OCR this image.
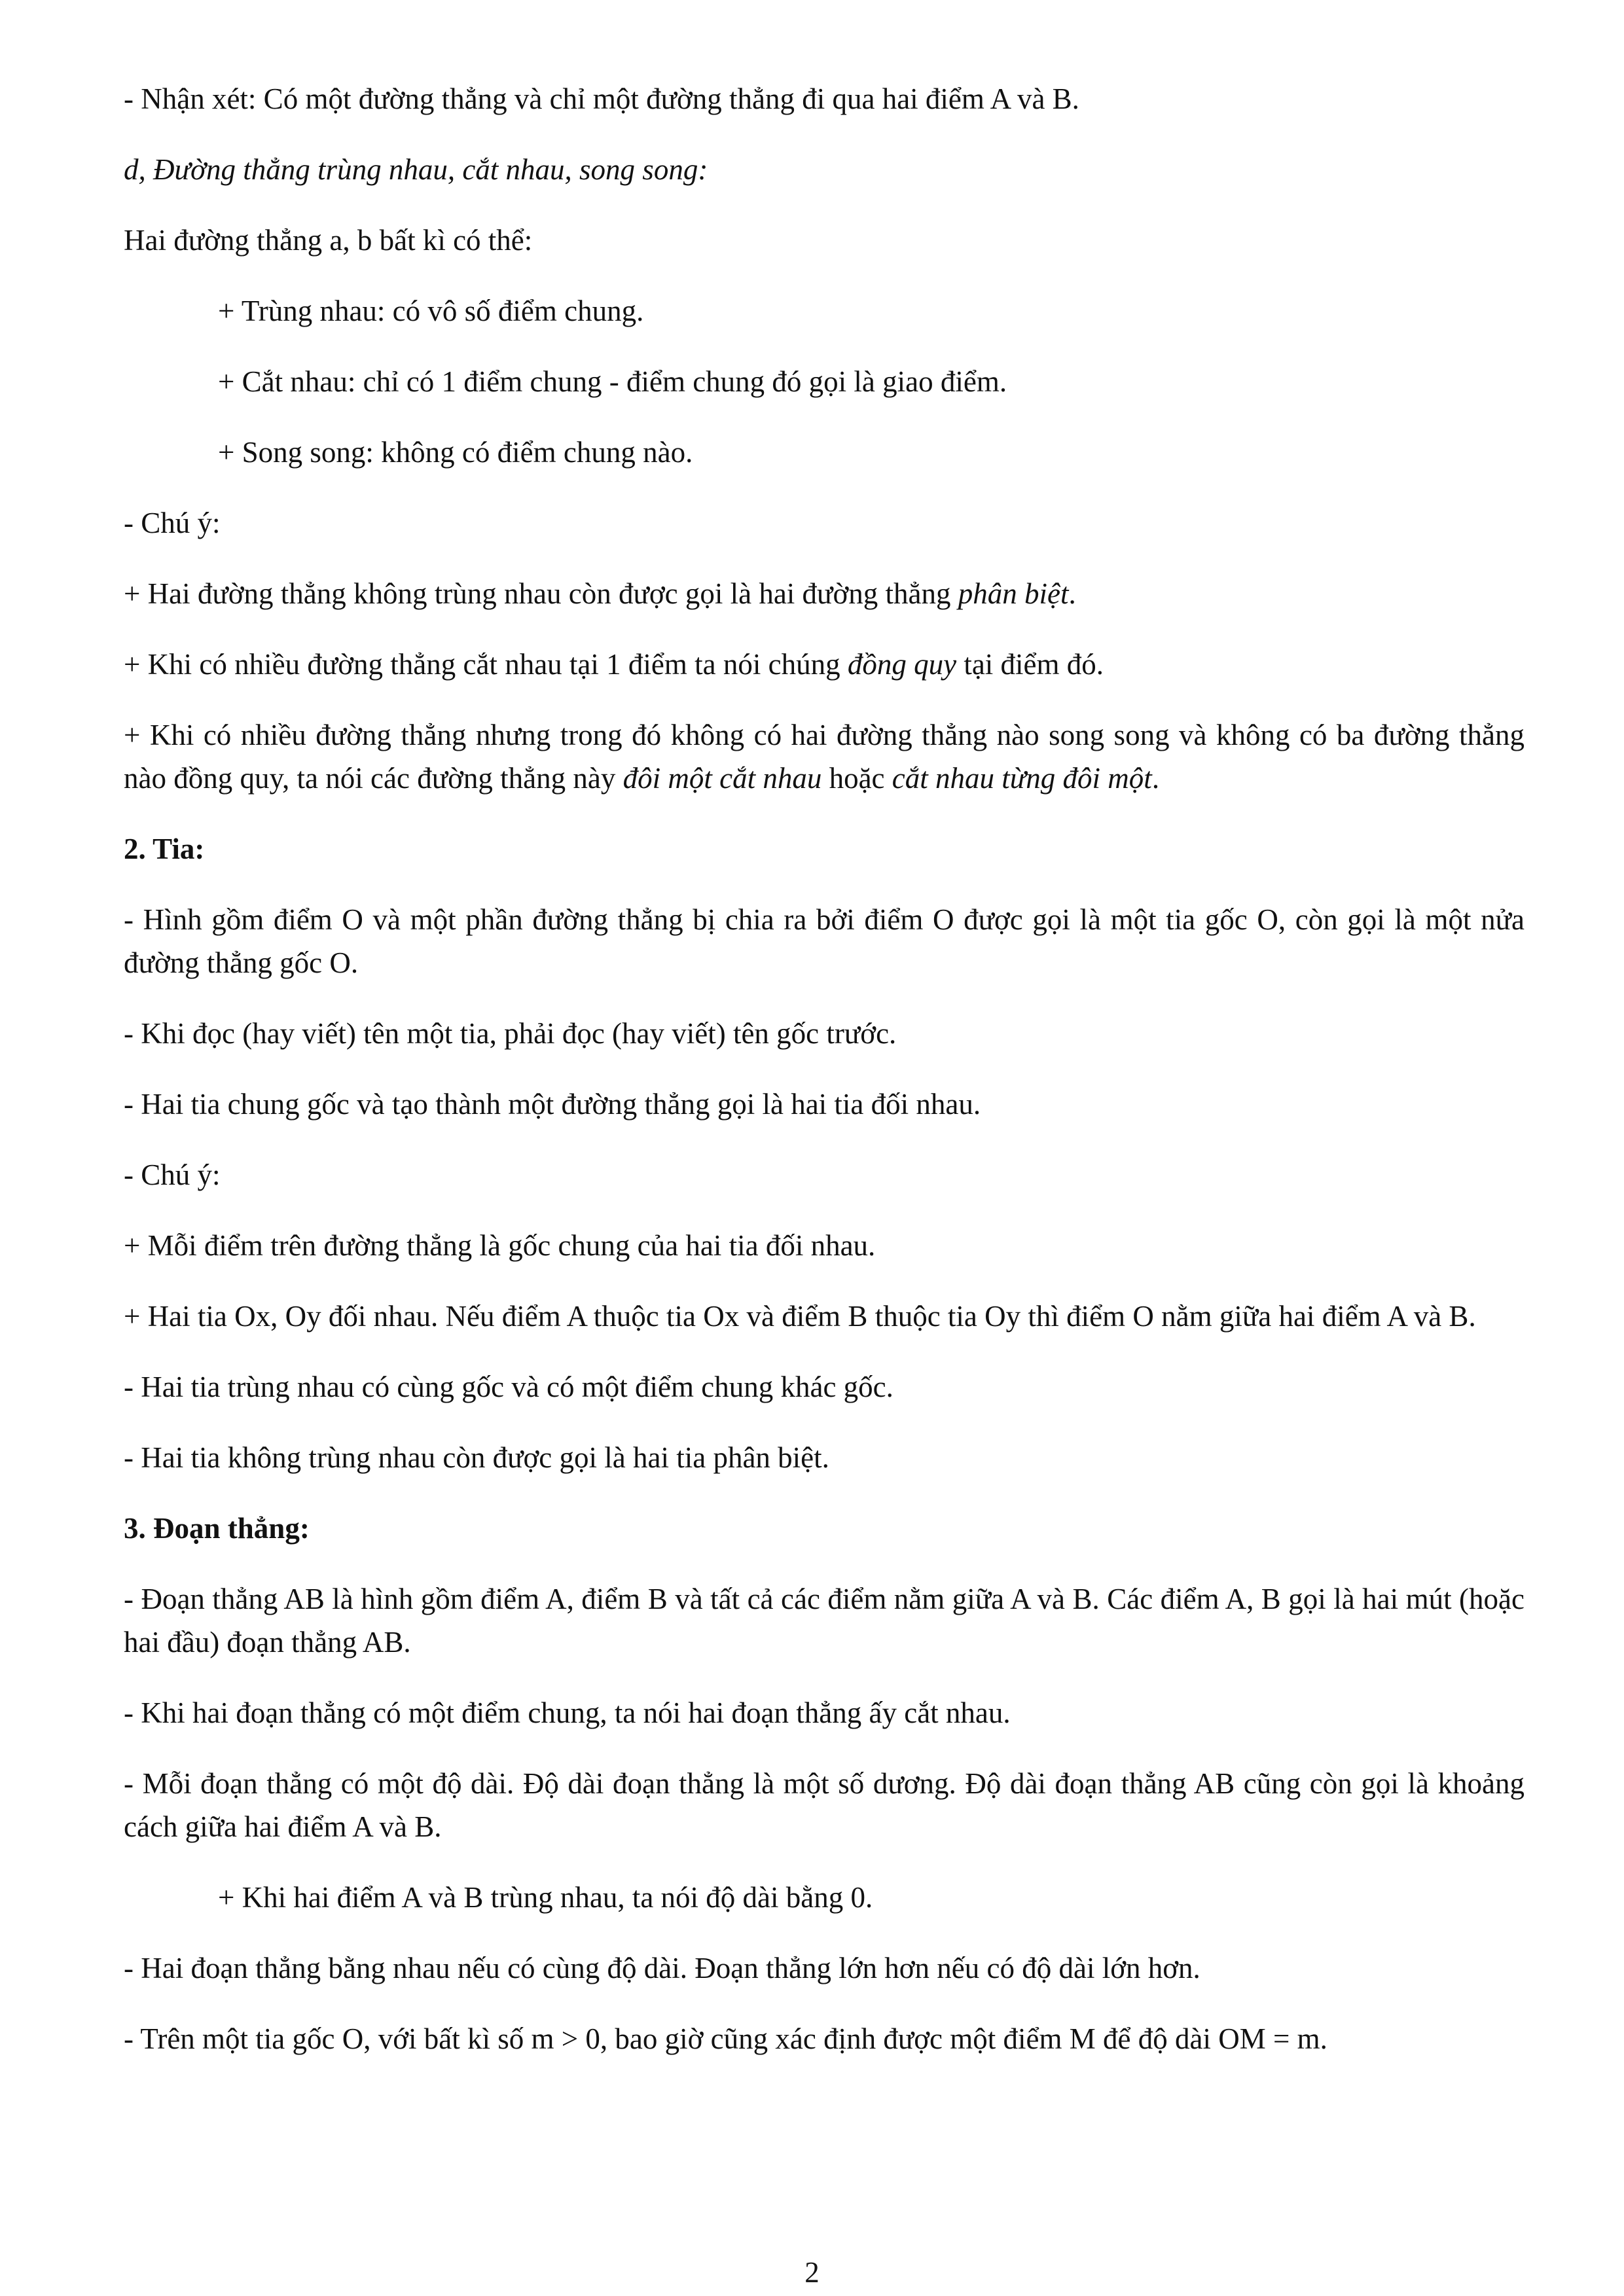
- Nhận xét: Có một đường thẳng và chỉ một đường thẳng đi qua hai điểm A và B.

d, Đường thẳng trùng nhau, cắt nhau, song song:

Hai đường thẳng a, b bất kì có thể:

+ Trùng nhau: có vô số điểm chung.

+ Cắt nhau: chỉ có 1 điểm chung - điểm chung đó gọi là giao điểm.

+ Song song: không có điểm chung nào.

- Chú ý:

+ Hai đường thẳng không trùng nhau còn được gọi là hai đường thẳng phân biệt.

+ Khi có nhiều đường thẳng cắt nhau tại 1 điểm ta nói chúng đồng quy tại điểm đó.

+ Khi có nhiều đường thẳng nhưng trong đó không có hai đường thẳng nào song song và không có ba đường thẳng nào đồng quy, ta nói các đường thẳng này đôi một cắt nhau hoặc cắt nhau từng đôi một.

2. Tia:

- Hình gồm điểm O và một phần đường thẳng bị chia ra bởi điểm O được gọi là một tia gốc O, còn gọi là một nửa đường thẳng gốc O.

- Khi đọc (hay viết) tên một tia, phải đọc (hay viết) tên gốc trước.

- Hai tia chung gốc và tạo thành một đường thẳng gọi là hai tia đối nhau.

- Chú ý:

+ Mỗi điểm trên đường thẳng là gốc chung của hai tia đối nhau.

+ Hai tia Ox, Oy đối nhau. Nếu điểm A thuộc tia Ox và điểm B thuộc tia Oy thì điểm O nằm giữa hai điểm A và B.

- Hai tia trùng nhau có cùng gốc và có một điểm chung khác gốc.

- Hai tia không trùng nhau còn được gọi là hai tia phân biệt.

3. Đoạn thẳng:

- Đoạn thẳng AB là hình gồm điểm A, điểm B và tất cả các điểm nằm giữa A và B. Các điểm A, B gọi là hai mút (hoặc hai đầu) đoạn thẳng AB.

- Khi hai đoạn thẳng có một điểm chung, ta nói hai đoạn thẳng ấy cắt nhau.

- Mỗi đoạn thẳng có một độ dài. Độ dài đoạn thẳng là một số dương. Độ dài đoạn thẳng AB cũng còn gọi là khoảng cách giữa hai điểm A và B.

+ Khi hai điểm A và B trùng nhau, ta nói độ dài bằng 0.

- Hai đoạn thẳng bằng nhau nếu có cùng độ dài. Đoạn thẳng lớn hơn nếu có độ dài lớn hơn.

- Trên một tia gốc O, với bất kì số m > 0, bao giờ cũng xác định được một điểm M để độ dài OM = m.

2
